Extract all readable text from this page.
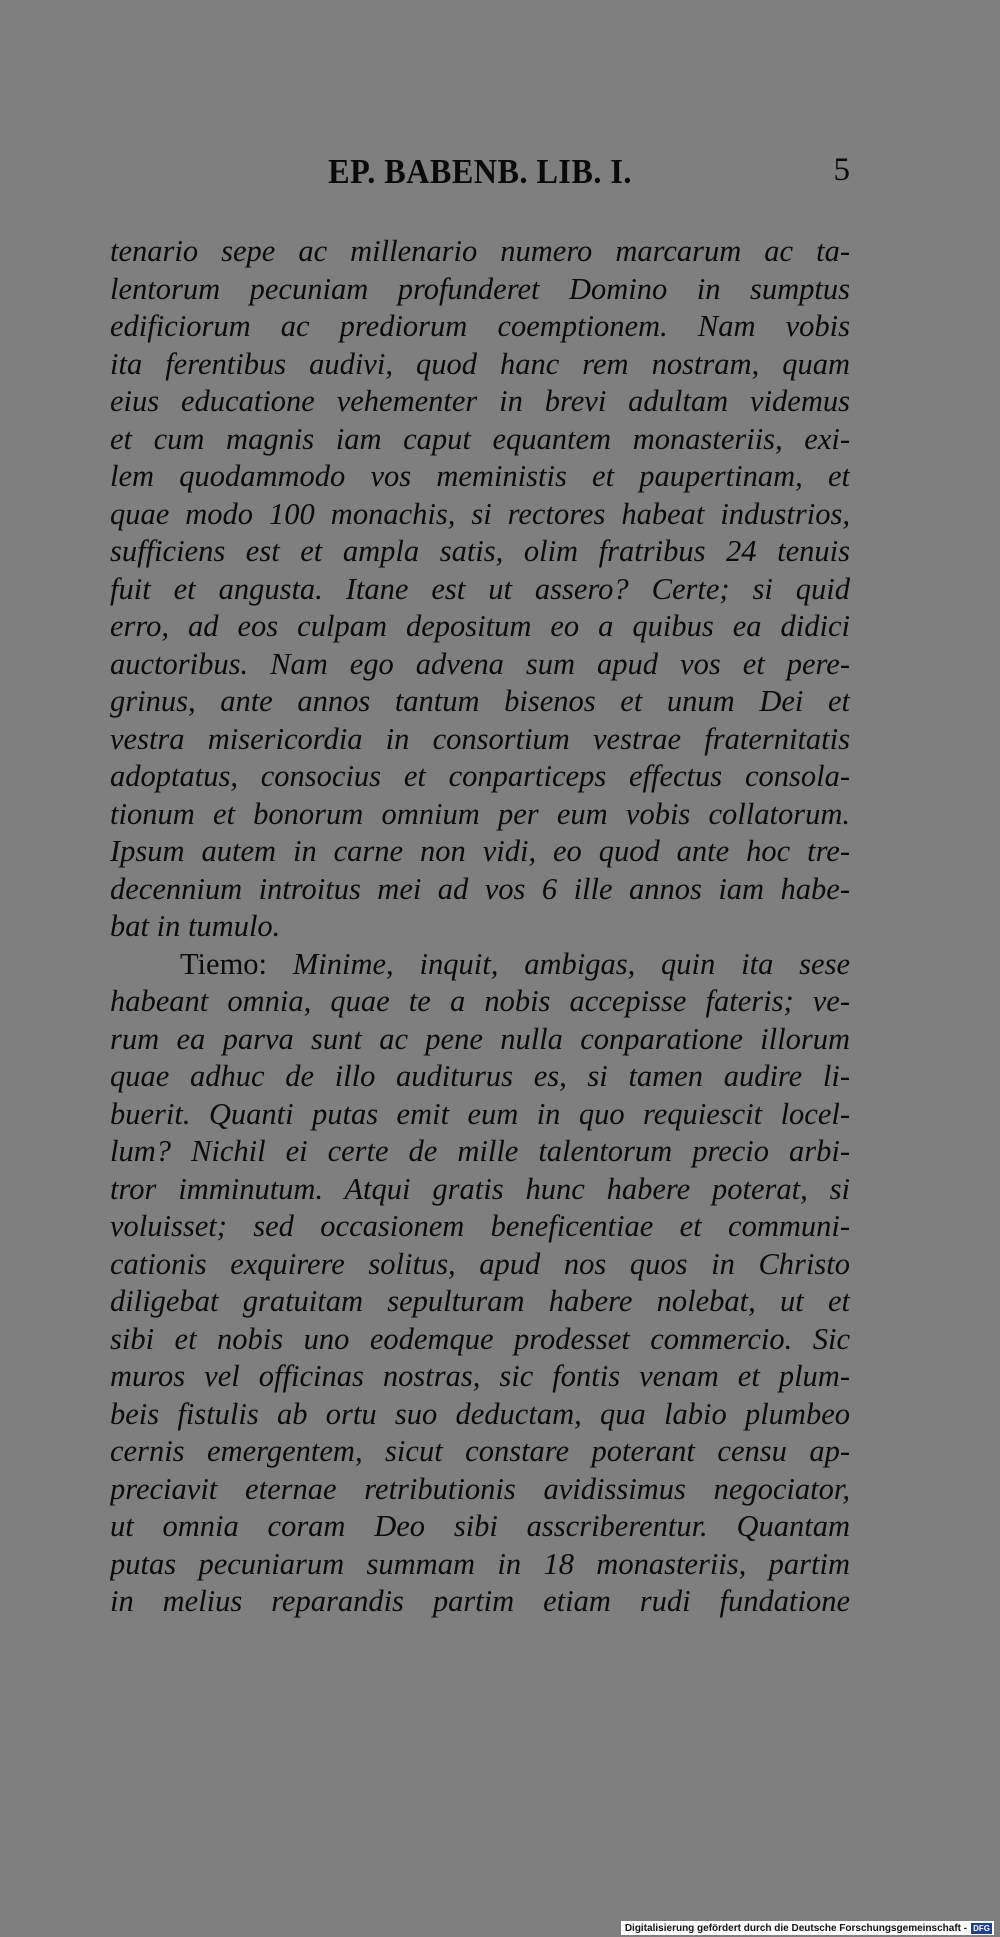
EP. BABENB. LIB. I.	5
tenario sepe ac millenario numero marcarum ac ta-
lentorum pecuniam profunderet Domino in sumptus
edificiorum ac prediorum coemptionem. Nam vobis
ita ferentibus audivi, quod hanc rem nostram, quam
eius educatione vehementer in brevi adultam videmus
et cum magnis iam caput equantem monasteriis, exi-
lem quodammodo vos meministis et paupertinam, et
quae modo 100 monachis, si rectores habeat industrios,
sufficiens est et ampla satis, olim fratribus 24 tenuis
fuit et angusta. Itane est ut assero? Certe; si quid
erro, ad eos culpam depositum eo a quibus ea didici
auctoribus. Nam ego advena sum apud vos et pere-
grinus, ante annos tantum bisenos et unum Dei et
vestra misericordia in consortium vestrae fraternitatis
adoptatus, consocius et conparticeps effectus consola-
tionum et bonorum omnium per eum vobis collatorum.
Ipsum autem in carne non vidi, eo quod ante hoc tre-
decennium introitus mei ad vos 6 ille annos iam habe-
bat in tumulo.
Tiemo: Minime, inquit, ambigas, quin ita sese
habeant omnia, quae te a nobis accepisse fateris; ve-
rum ea parva sunt ac pene nulla conparatione illorum
quae adhuc de illo auditurus es, si tamen audire li-
buerit. Quanti putas emit eum in quo requiescit locel-
lum? Nichil ei certe de mille talentorum precio arbi-
tror imminutum. Atqui gratis hunc habere poterat, si
voluisset; sed occasionem beneficentiae et communi-
cationis exquirere solitus, apud nos quos in Christo
diligebat gratuitam sepulturam habere nolebat, ut et
sibi et nobis uno eodemque prodesset commercio. Sic
muros vel officinas nostras, sic fontis venam et plum-
beis fistulis ab ortu suo deductam, qua labio plumbeo
cernis emergentem, sicut constare poterant censu ap-
preciavit eternae retributionis avidissimus negociator,
ut omnia coram Deo sibi asscriberentur. Quantam
putas pecuniarum summam in 18 monasteriis, partim
in melius reparandis partim etiam rudi fundatione
Digitalisierung gefördert durch die Deutsche Forschungsgemeinschaft - DFG
